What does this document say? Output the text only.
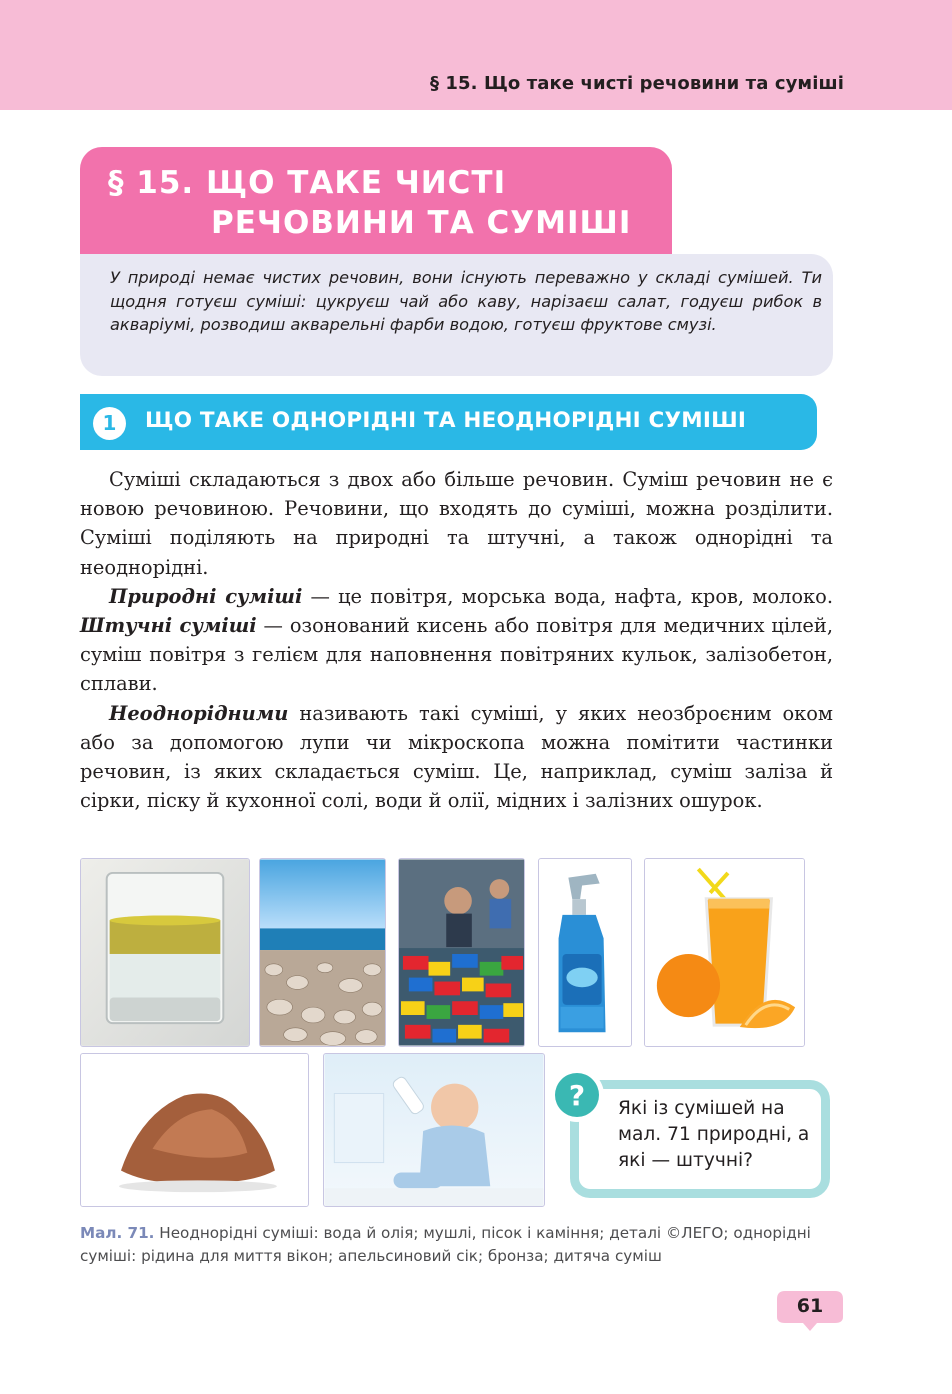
§ 15. Що таке чисті речовини та суміші
§ 15. ЩО ТАКЕ ЧИСТІ
РЕЧОВИНИ ТА СУМІШІ
У природі немає чистих речовин, вони існують переважно у складі сумішей. Ти щодня готуєш суміші: цукруєш чай або каву, нарізаєш салат, годуєш рибок в акваріумі, розводиш акварельні фарби водою, готуєш фруктове смузі.
1	ЩО ТАКЕ ОДНОРІДНІ ТА НЕОДНОРІДНІ СУМІШІ

Суміші складаються з двох або більше речовин. Суміш речовин не є новою речовиною. Речовини, що входять до суміші, можна розділити. Суміші поділяють на природні та штучні, а також однорідні та неоднорідні.

Природні суміші — це повітря, морська вода, нафта, кров, молоко. Штучні суміші — озонований кисень або повітря для медичних цілей, суміш повітря з гелієм для наповнення повітряних кульок, залізобетон, сплави.

Неоднорідними називають такі суміші, у яких неозброєним оком або за допомогою лупи чи мікроскопа можна помітити частинки речовин, із яких складається суміш. Це, наприклад, суміш заліза й сірки, піску й кухонної солі, води й олії, мідних і залізних ошурок.

? Які із сумішей на мал. 71 природні, а які — штучні?
Мал. 71. Неоднорідні суміші: вода й олія; мушлі, пісок і каміння; деталі ©ЛЕГО; однорідні суміші: рідина для миття вікон; апельсиновий сік; бронза; дитяча суміш
61
